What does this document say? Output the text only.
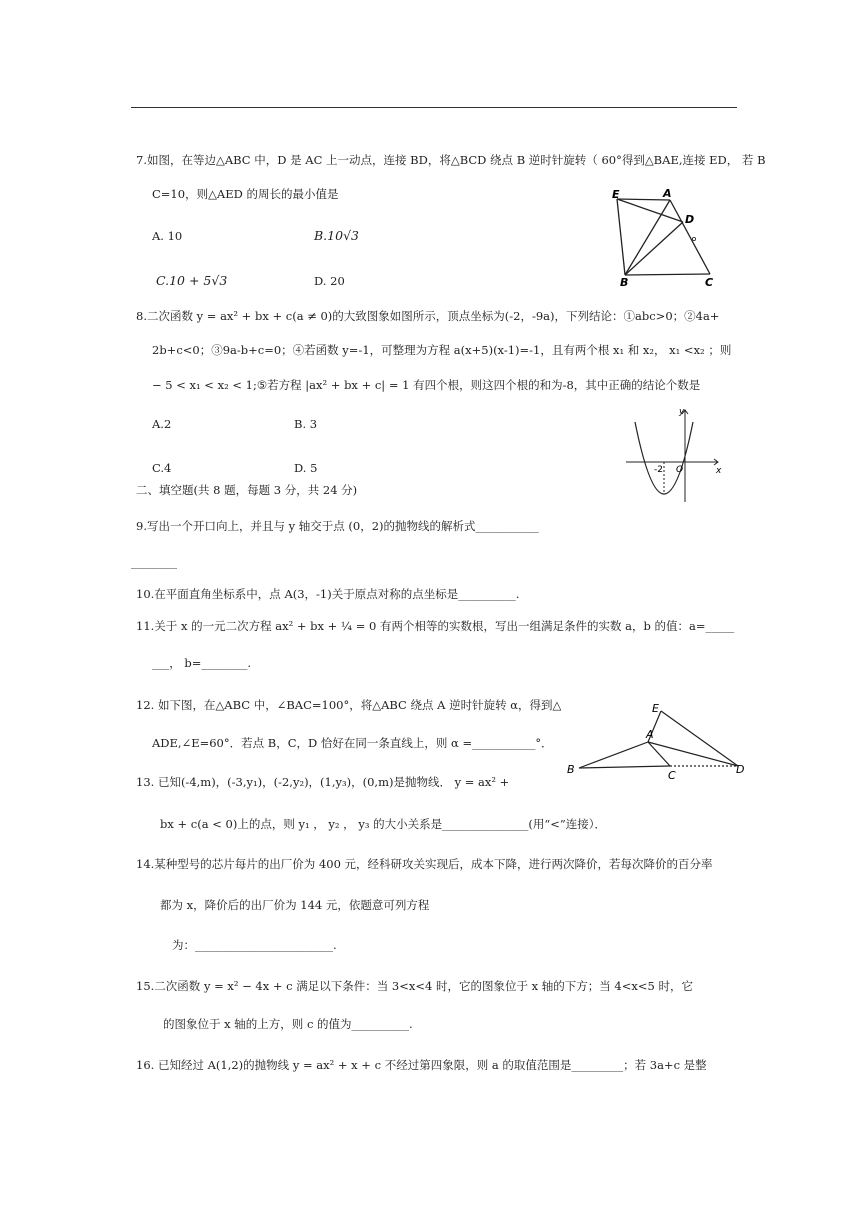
7.如图，在等边△ABC 中，D 是 AC 上一动点，连接 BD，将△BCD 绕点 B 逆时针旋转（ 60°得到△BAE,连接 ED， 若 B
C=10，则△AED 的周长的最小值是
A. 10	B.10√3
C.10 + 5√3	D. 20
E	A
D
B	C
8.二次函数 y = ax² + bx + c(a ≠ 0)的大致图象如图所示，顶点坐标为(-2，-9a)，下列结论：①abc>0；②4a+
2b+c<0；③9a-b+c=0；④若函数 y=-1，可整理为方程 a(x+5)(x-1)=-1，且有两个根 x₁ 和 x₂， x₁ <x₂ ；则
− 5 < x₁ < x₂ < 1;⑤若方程 |ax² + bx + c| = 1 有四个根，则这四个根的和为-8，其中正确的结论个数是
A.2	B. 3
C.4	D. 5
y
-2 O	x
二、填空题(共 8 题，每题 3 分，共 24 分)
9.写出一个开口向上，并且与 y 轴交于点 (0，2)的抛物线的解析式___________
________
10.在平面直角坐标系中，点 A(3，-1)关于原点对称的点坐标是__________.
11.关于 x 的一元二次方程 ax² + bx + ¼ = 0 有两个相等的实数根，写出一组满足条件的实数 a，b 的值：a=_____
___， b=________.
12. 如下图，在△ABC 中，∠BAC=100°，将△ABC 绕点 A 逆时针旋转 α，得到△
ADE,∠E=60°．若点 B，C，D 恰好在同一条直线上，则 α =___________°．
E
A
B	C	D
13. 已知(-4,m)，(-3,y₁)，(-2,y₂)，(1,y₃)，(0,m)是抛物线． y = ax² +
bx + c(a < 0)上的点，则 y₁ ， y₂ ， y₃ 的大小关系是_______________(用“<”连接）．
14.某种型号的芯片每片的出厂价为 400 元，经科研攻关实现后，成本下降，进行两次降价，若每次降价的百分率
都为 x，降价后的出厂价为 144 元，依题意可列方程
为：________________________.
15.二次函数 y = x² − 4x + c 满足以下条件：当 3<x<4 时，它的图象位于 x 轴的下方；当 4<x<5 时，它
的图象位于 x 轴的上方，则 c 的值为__________.
16. 已知经过 A(1,2)的抛物线 y = ax² + x + c 不经过第四象限，则 a 的取值范围是_________；若 3a+c 是整
